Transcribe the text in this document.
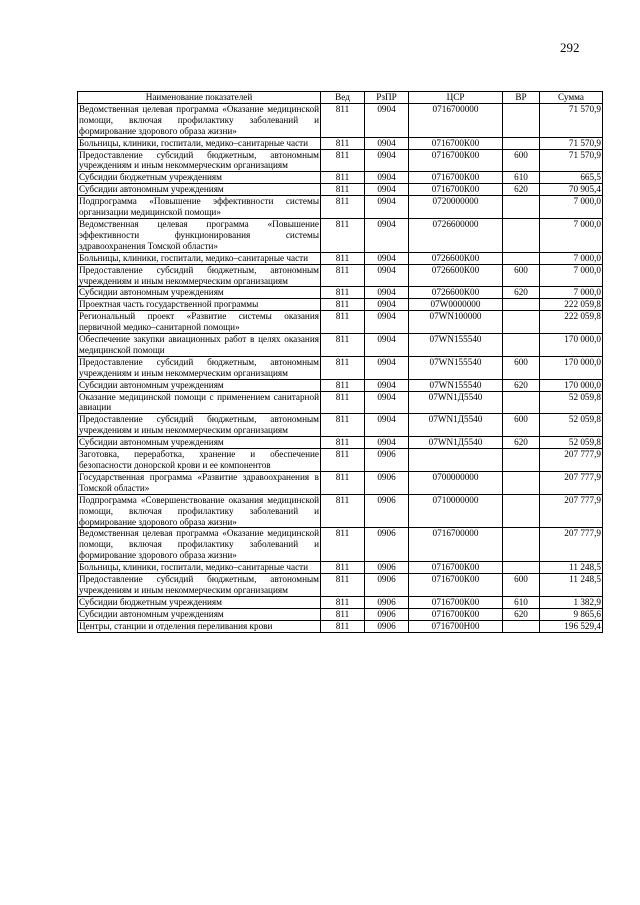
292
Наименование показателей	Вед	РзПР	ЦСР	ВР	Сумма
Ведомственная целевая программа «Оказание медицинской помощи, включая профилактику заболеваний и формирование здорового образа жизни»	811	0904	0716700000		71 570,9
Больницы, клиники, госпитали, медико–санитарные части	811	0904	0716700К00		71 570,9
Предоставление субсидий бюджетным, автономным учреждениям и иным некоммерческим организациям	811	0904	0716700К00	600	71 570,9
Субсидии бюджетным учреждениям	811	0904	0716700К00	610	665,5
Субсидии автономным учреждениям	811	0904	0716700К00	620	70 905,4
Подпрограмма «Повышение эффективности системы организации медицинской помощи»	811	0904	0720000000		7 000,0
Ведомственная целевая программа «Повышение эффективности функционирования системы здравоохранения Томской области»	811	0904	0726600000		7 000,0
Больницы, клиники, госпитали, медико–санитарные части	811	0904	0726600К00		7 000,0
Предоставление субсидий бюджетным, автономным учреждениям и иным некоммерческим организациям	811	0904	0726600К00	600	7 000,0
Субсидии автономным учреждениям	811	0904	0726600К00	620	7 000,0
Проектная часть государственной программы	811	0904	07W0000000		222 059,8
Региональный проект «Развитие системы оказания первичной медико–санитарной помощи»	811	0904	07WN100000		222 059,8
Обеспечение закупки авиационных работ в целях оказания медицинской помощи	811	0904	07WN155540		170 000,0
Предоставление субсидий бюджетным, автономным учреждениям и иным некоммерческим организациям	811	0904	07WN155540	600	170 000,0
Субсидии автономным учреждениям	811	0904	07WN155540	620	170 000,0
Оказание медицинской помощи с применением санитарной авиации	811	0904	07WN1Д5540		52 059,8
Предоставление субсидий бюджетным, автономным учреждениям и иным некоммерческим организациям	811	0904	07WN1Д5540	600	52 059,8
Субсидии автономным учреждениям	811	0904	07WN1Д5540	620	52 059,8
Заготовка, переработка, хранение и обеспечение безопасности донорской крови и ее компонентов	811	0906			207 777,9
Государственная программа «Развитие здравоохранения в Томской области»	811	0906	0700000000		207 777,9
Подпрограмма «Совершенствование оказания медицинской помощи, включая профилактику заболеваний и формирование здорового образа жизни»	811	0906	0710000000		207 777,9
Ведомственная целевая программа «Оказание медицинской помощи, включая профилактику заболеваний и формирование здорового образа жизни»	811	0906	0716700000		207 777,9
Больницы, клиники, госпитали, медико–санитарные части	811	0906	0716700К00		11 248,5
Предоставление субсидий бюджетным, автономным учреждениям и иным некоммерческим организациям	811	0906	0716700К00	600	11 248,5
Субсидии бюджетным учреждениям	811	0906	0716700К00	610	1 382,9
Субсидии автономным учреждениям	811	0906	0716700К00	620	9 865,6
Центры, станции и отделения переливания крови	811	0906	0716700Н00		196 529,4
